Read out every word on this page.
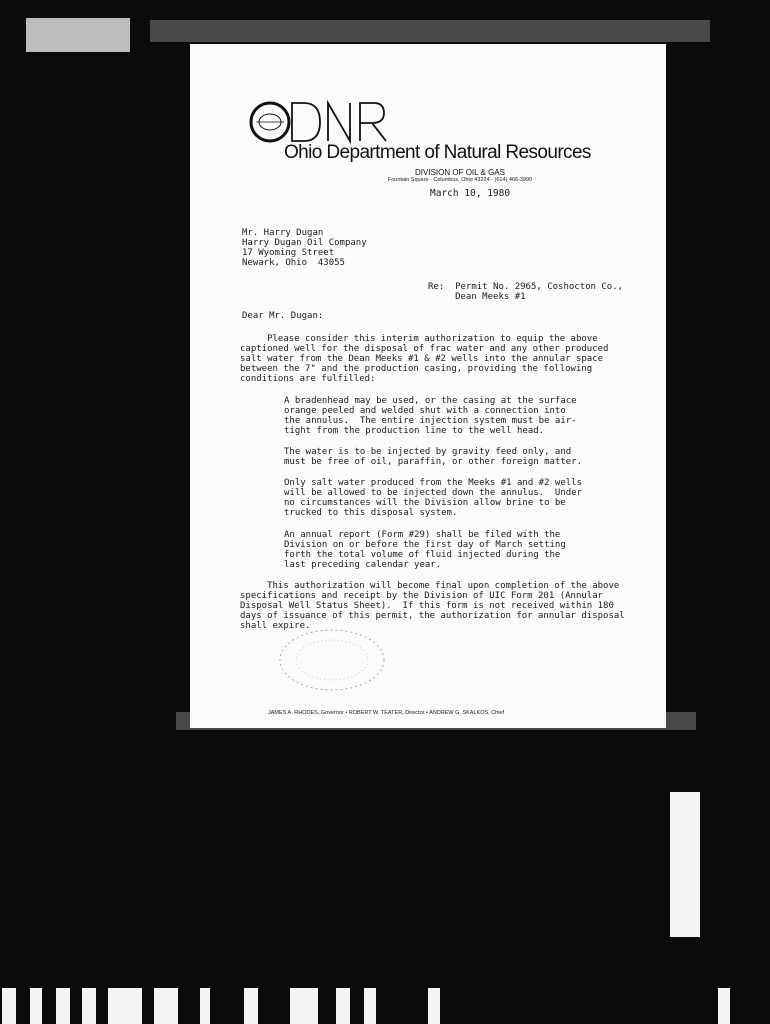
Ohio Department of Natural Resources
DIVISION OF OIL & GAS
Fountain Square · Columbus, Ohio 43224 · (614) 466-3990
March 10, 1980
Mr. Harry Dugan
Harry Dugan Oil Company
17 Wyoming Street
Newark, Ohio  43055
Re:  Permit No. 2965, Coshocton Co.,
Dean Meeks #1
Dear Mr. Dugan:
Please consider this interim authorization to equip the above
captioned well for the disposal of frac water and any other produced
salt water from the Dean Meeks #1 & #2 wells into the annular space
between the 7" and the production casing, providing the following
conditions are fulfilled:
A bradenhead may be used, or the casing at the surface
orange peeled and welded shut with a connection into
the annulus.  The entire injection system must be air-
tight from the production line to the well head.
The water is to be injected by gravity feed only, and
must be free of oil, paraffin, or other foreign matter.
Only salt water produced from the Meeks #1 and #2 wells
will be allowed to be injected down the annulus.  Under
no circumstances will the Division allow brine to be
trucked to this disposal system.
An annual report (Form #29) shall be filed with the
Division on or before the first day of March setting
forth the total volume of fluid injected during the
last preceding calendar year.
This authorization will become final upon completion of the above
specifications and receipt by the Division of UIC Form 201 (Annular
Disposal Well Status Sheet).  If this form is not received within 180
days of issuance of this permit, the authorization for annular disposal
shall expire.
JAMES A. RHODES, Governor • ROBERT W. TEATER, Director • ANDREW G. SKALKOS, Chief
